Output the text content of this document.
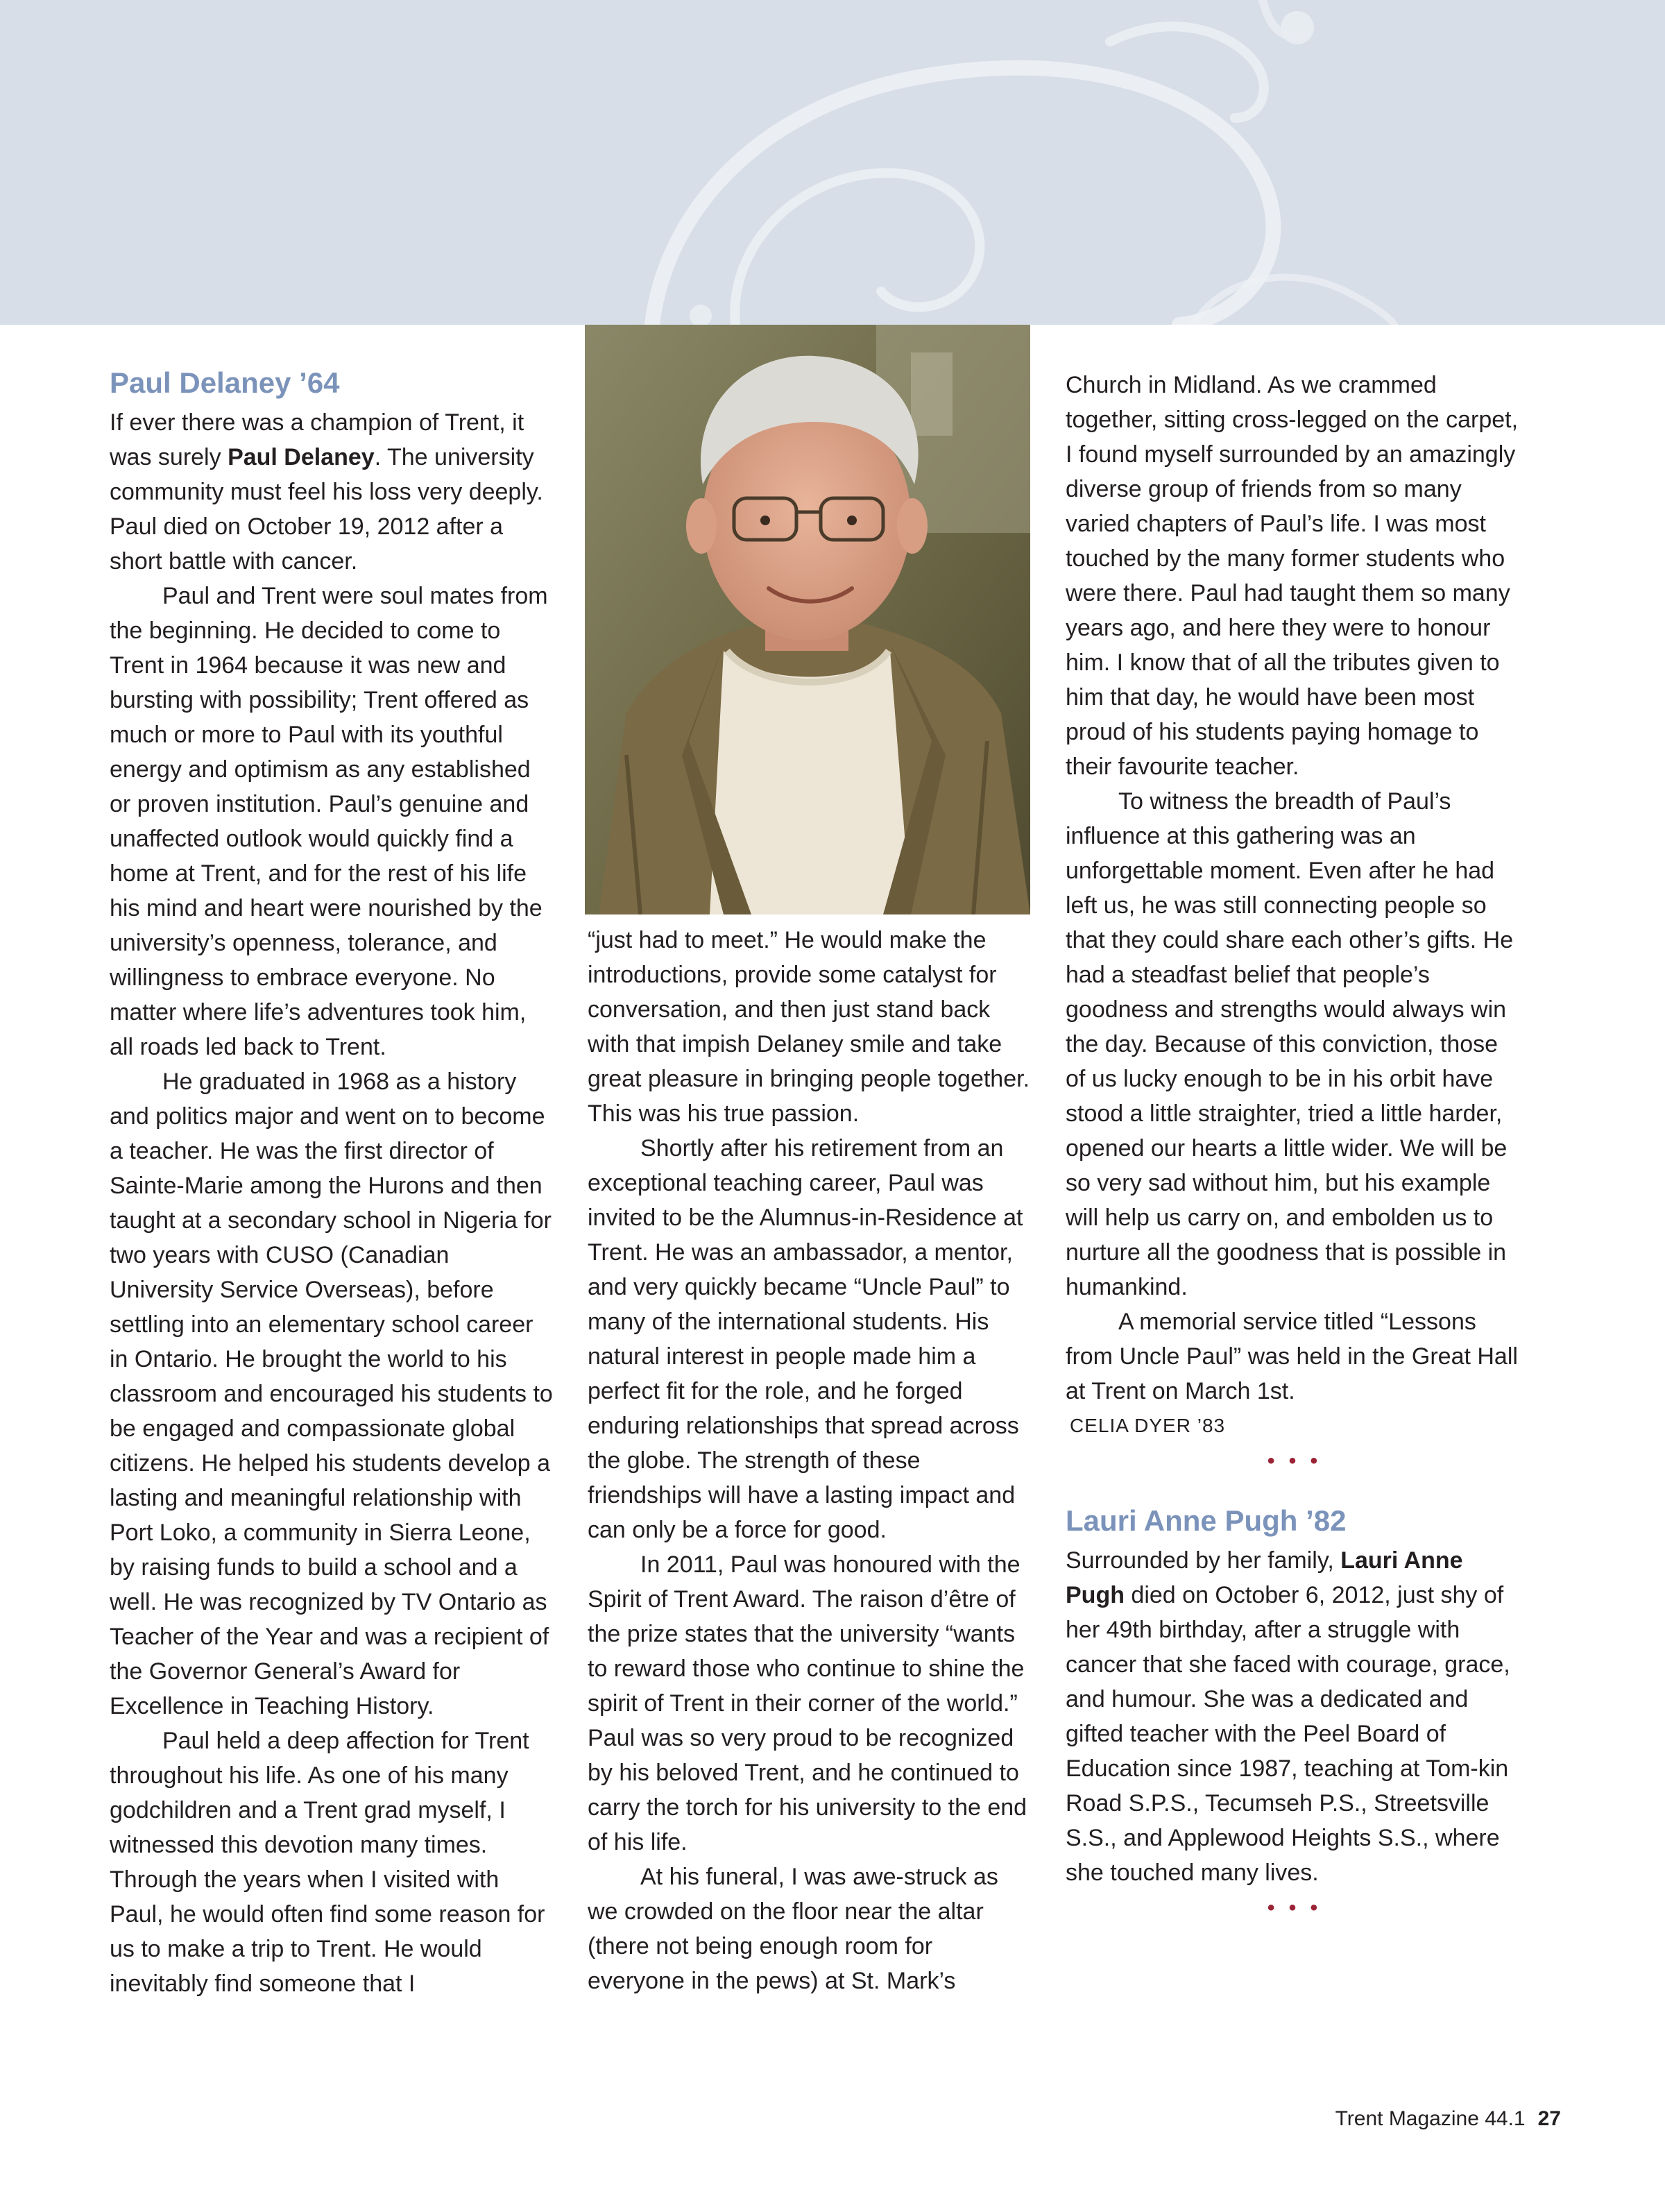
Paul Delaney ’64

If ever there was a champion of Trent, it was surely Paul Delaney. The university community must feel his loss very deeply. Paul died on October 19, 2012 after a short battle with cancer.

Paul and Trent were soul mates from the beginning. He decided to come to Trent in 1964 because it was new and bursting with possibility; Trent offered as much or more to Paul with its youthful energy and optimism as any established or proven institution. Paul’s genuine and unaffected outlook would quickly find a home at Trent, and for the rest of his life his mind and heart were nourished by the university’s openness, tolerance, and willingness to embrace everyone. No matter where life’s adventures took him, all roads led back to Trent.

He graduated in 1968 as a history and politics major and went on to become a teacher. He was the first director of Sainte-Marie among the Hurons and then taught at a secondary school in Nigeria for two years with CUSO (Canadian University Service Overseas), before settling into an elementary school career in Ontario. He brought the world to his classroom and encouraged his students to be engaged and compassionate global citizens. He helped his students develop a lasting and meaningful relationship with Port Loko, a community in Sierra Leone, by raising funds to build a school and a well. He was recognized by TV Ontario as Teacher of the Year and was a recipient of the Governor General’s Award for Excellence in Teaching History.

Paul held a deep affection for Trent throughout his life. As one of his many godchildren and a Trent grad myself, I witnessed this devotion many times. Through the years when I visited with Paul, he would often find some reason for us to make a trip to Trent. He would inevitably find someone that I

“just had to meet.” He would make the introductions, provide some catalyst for conversation, and then just stand back with that impish Delaney smile and take great pleasure in bringing people together. This was his true passion.

Shortly after his retirement from an exceptional teaching career, Paul was invited to be the Alumnus-in-Residence at Trent. He was an ambassador, a mentor, and very quickly became “Uncle Paul” to many of the international students. His natural interest in people made him a perfect fit for the role, and he forged enduring relationships that spread across the globe. The strength of these friendships will have a lasting impact and can only be a force for good.

In 2011, Paul was honoured with the Spirit of Trent Award. The raison d’être of the prize states that the university “wants to reward those who continue to shine the spirit of Trent in their corner of the world.” Paul was so very proud to be recognized by his beloved Trent, and he continued to carry the torch for his university to the end of his life.

At his funeral, I was awe-struck as we crowded on the floor near the altar (there not being enough room for everyone in the pews) at St. Mark’s

Church in Midland. As we crammed together, sitting cross-legged on the carpet, I found myself surrounded by an amazingly diverse group of friends from so many varied chapters of Paul’s life. I was most touched by the many former students who were there. Paul had taught them so many years ago, and here they were to honour him. I know that of all the tributes given to him that day, he would have been most proud of his students paying homage to their favourite teacher.

To witness the breadth of Paul’s influence at this gathering was an unforgettable moment. Even after he had left us, he was still connecting people so that they could share each other’s gifts. He had a steadfast belief that people’s goodness and strengths would always win the day. Because of this conviction, those of us lucky enough to be in his orbit have stood a little straighter, tried a little harder, opened our hearts a little wider. We will be so very sad without him, but his example will help us carry on, and embolden us to nurture all the goodness that is possible in humankind.

A memorial service titled “Lessons from Uncle Paul” was held in the Great Hall at Trent on March 1st.

CELIA DYER ’83
• • •
Lauri Anne Pugh ’82

Surrounded by her family, Lauri Anne Pugh died on October 6, 2012, just shy of her 49th birthday, after a struggle with cancer that she faced with courage, grace, and humour. She was a dedicated and gifted teacher with the Peel Board of Education since 1987, teaching at Tom-kin Road S.P.S., Tecumseh P.S., Streetsville S.S., and Applewood Heights S.S., where she touched many lives.

• • •
Trent Magazine 44.1 27
